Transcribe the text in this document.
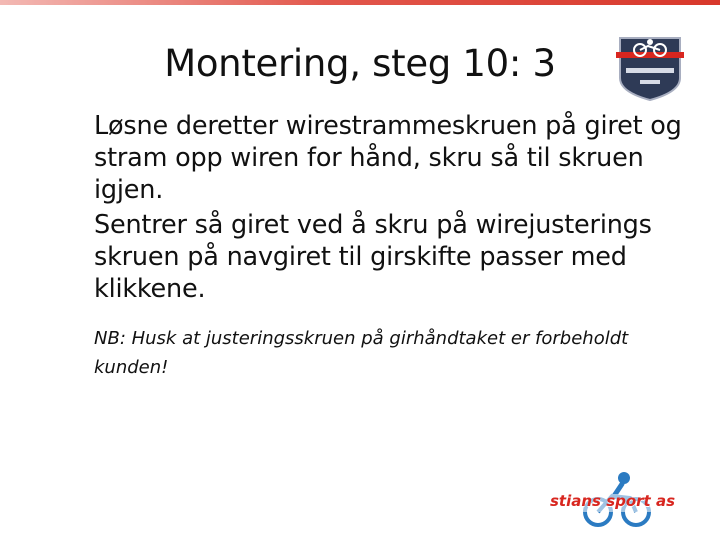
Montering, steg 10: 3

Løsne deretter wirestrammeskruen på giret og stram opp wiren for hånd, skru så til skruen igjen.

Sentrer så giret ved å skru på wirejusterings skruen på navgiret til girskifte passer med klikkene.

NB: Husk at justeringsskruen på girhåndtaket er forbeholdt kunden!
stians sport as
